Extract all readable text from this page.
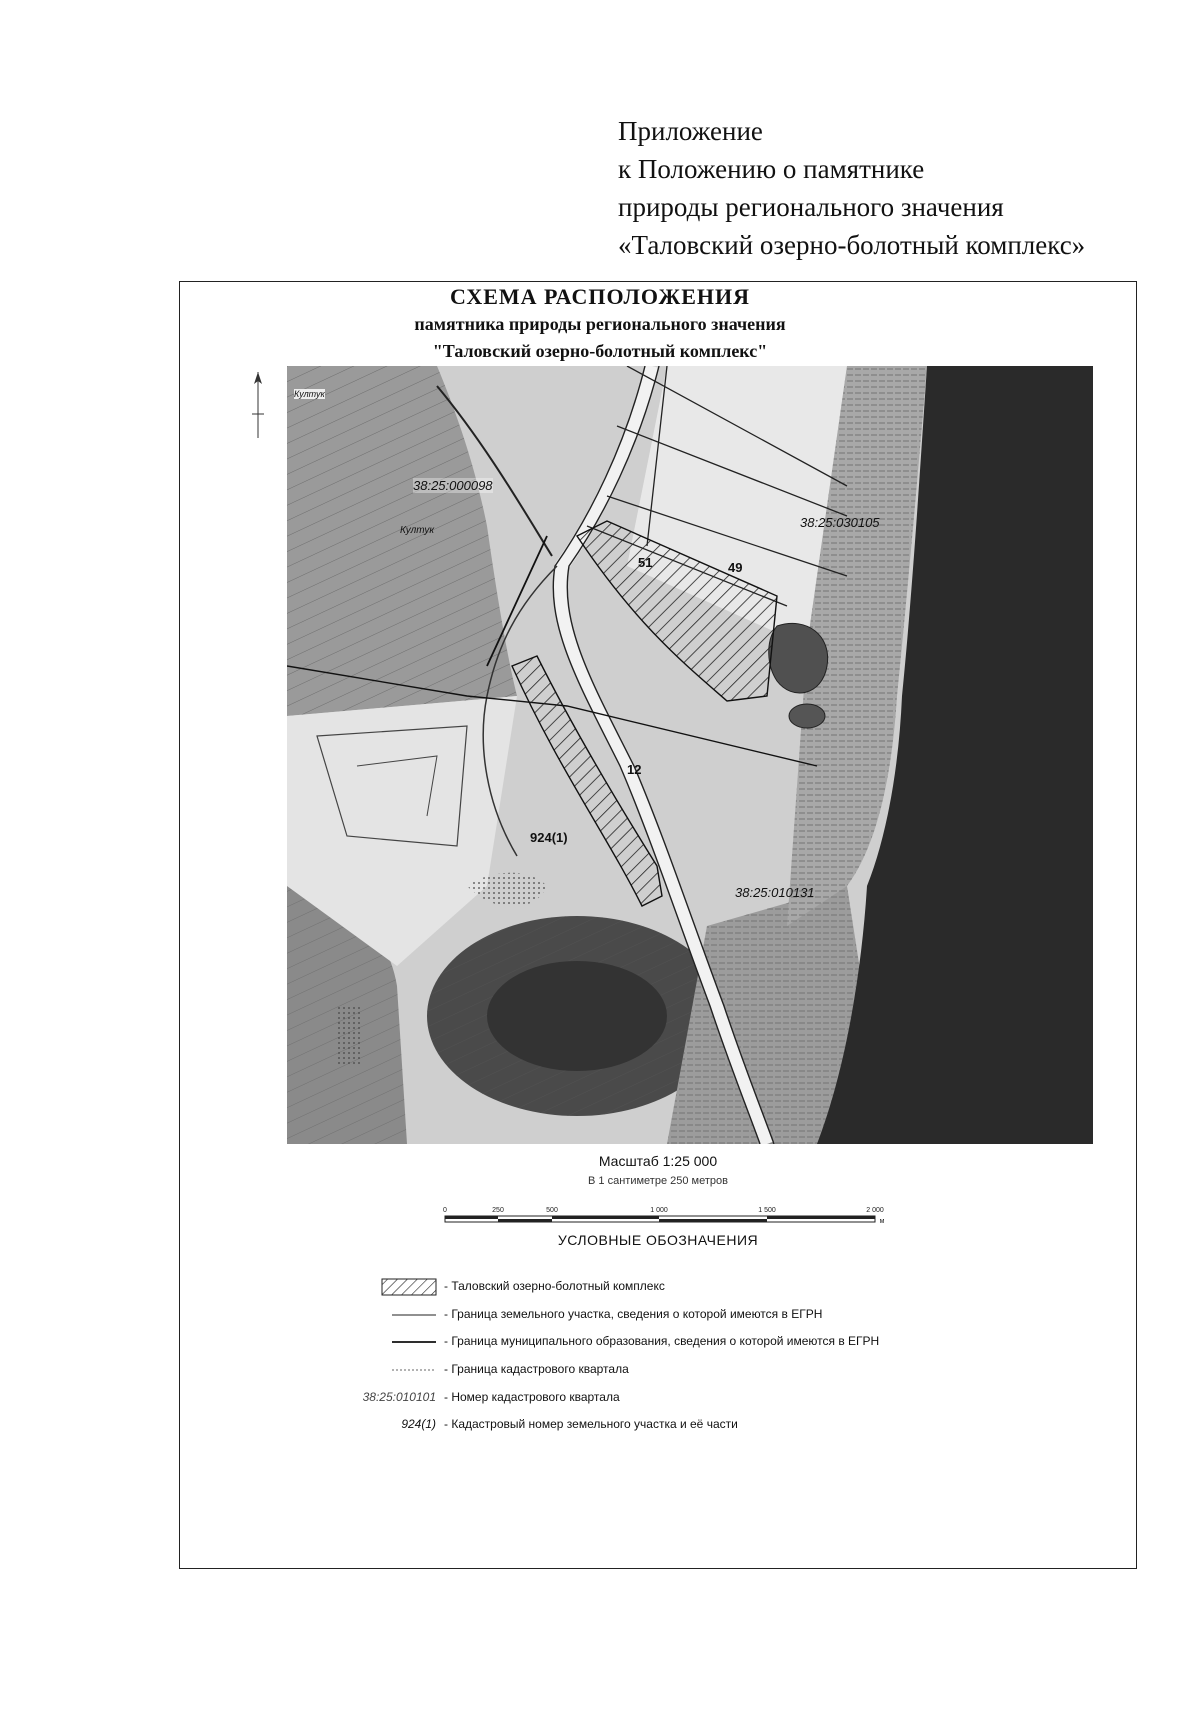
Приложение
к Положению о памятнике
природы регионального значения
«Таловский озерно-болотный комплекс»
СХЕМА РАСПОЛОЖЕНИЯ
памятника природы регионального значения
"Таловский озерно-болотный комплекс"
38:25:000098
38:25:030105
38:25:010131
49
51
12
924(1)
Култук
Култук
Масштаб 1:25 000
В 1 сантиметре 250 метров
0	250	500	1 000	1 500	2 000
м
УСЛОВНЫЕ ОБОЗНАЧЕНИЯ
- Таловский озерно-болотный комплекс
- Граница земельного участка, сведения о которой имеются в ЕГРН
- Граница муниципального образования, сведения о которой имеются в ЕГРН
- Граница кадастрового квартала
38:25:010101 - Номер кадастрового квартала
924(1) - Кадастровый номер земельного участка и её части
